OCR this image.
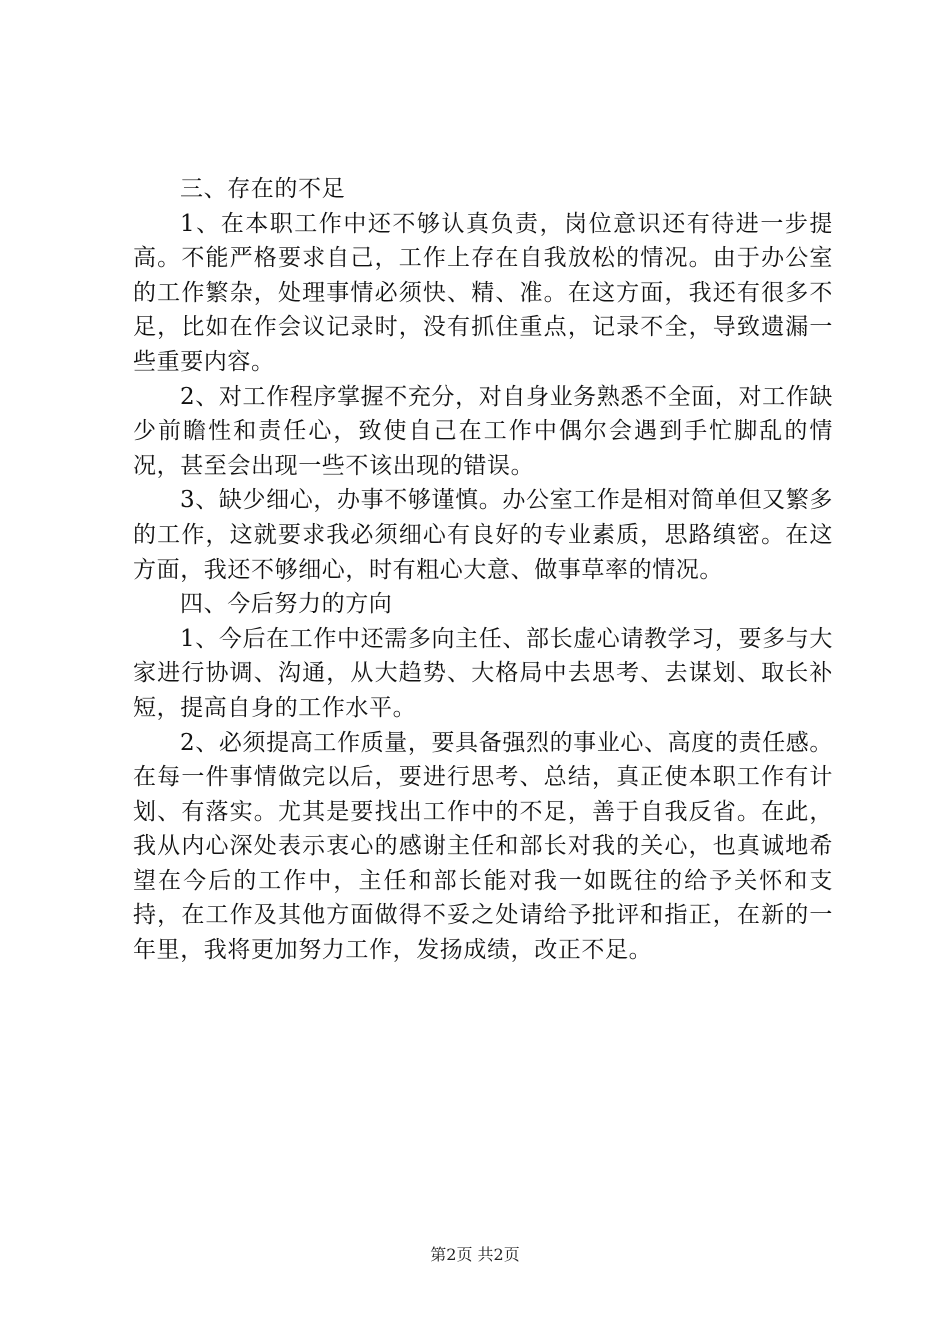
三、存在的不足

1、在本职工作中还不够认真负责，岗位意识还有待进一步提高。不能严格要求自己，工作上存在自我放松的情况。由于办公室的工作繁杂，处理事情必须快、精、准。在这方面，我还有很多不足，比如在作会议记录时，没有抓住重点，记录不全，导致遗漏一些重要内容。

2、对工作程序掌握不充分，对自身业务熟悉不全面，对工作缺少前瞻性和责任心，致使自己在工作中偶尔会遇到手忙脚乱的情况，甚至会出现一些不该出现的错误。

3、缺少细心，办事不够谨慎。办公室工作是相对简单但又繁多的工作，这就要求我必须细心有良好的专业素质，思路缜密。在这方面，我还不够细心，时有粗心大意、做事草率的情况。

四、今后努力的方向

1、今后在工作中还需多向主任、部长虚心请教学习，要多与大家进行协调、沟通，从大趋势、大格局中去思考、去谋划、取长补短，提高自身的工作水平。

2、必须提高工作质量，要具备强烈的事业心、高度的责任感。在每一件事情做完以后，要进行思考、总结，真正使本职工作有计划、有落实。尤其是要找出工作中的不足，善于自我反省。在此，我从内心深处表示衷心的感谢主任和部长对我的关心，也真诚地希望在今后的工作中，主任和部长能对我一如既往的给予关怀和支持，在工作及其他方面做得不妥之处请给予批评和指正，在新的一年里，我将更加努力工作，发扬成绩，改正不足。

第2页 共2页
